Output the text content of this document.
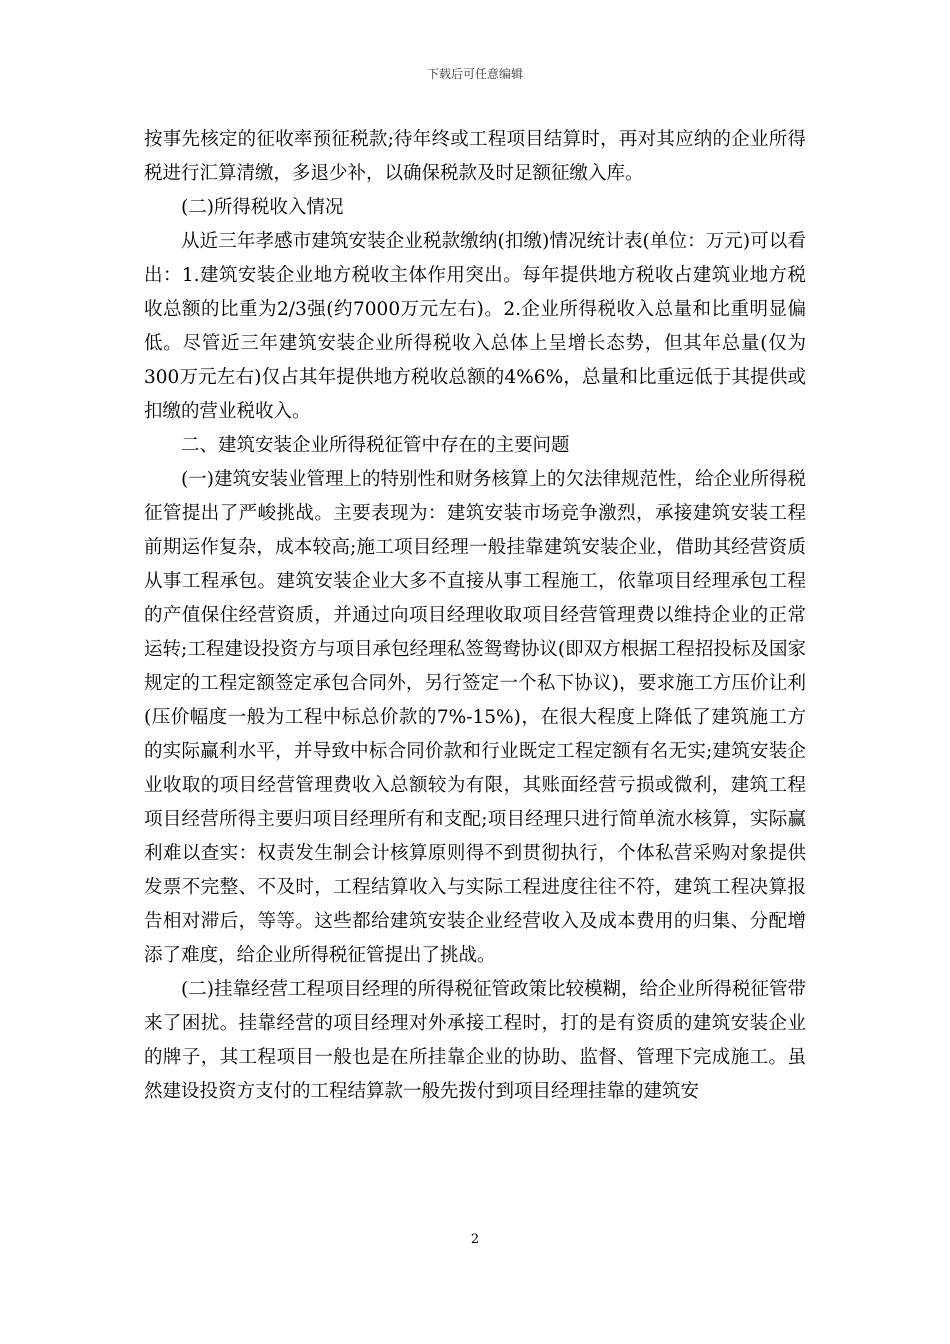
下载后可任意编辑

按事先核定的征收率预征税款;待年终或工程项目结算时，再对其应纳的企业所得税进行汇算清缴，多退少补，以确保税款及时足额征缴入库。

(二)所得税收入情况

从近三年孝感市建筑安装企业税款缴纳(扣缴)情况统计表(单位：万元)可以看出：1.建筑安装企业地方税收主体作用突出。每年提供地方税收占建筑业地方税收总额的比重为2/3强(约7000万元左右)。2.企业所得税收入总量和比重明显偏低。尽管近三年建筑安装企业所得税收入总体上呈增长态势，但其年总量(仅为300万元左右)仅占其年提供地方税收总额的4%6%，总量和比重远低于其提供或扣缴的营业税收入。

二、建筑安装企业所得税征管中存在的主要问题

(一)建筑安装业管理上的特别性和财务核算上的欠法律规范性，给企业所得税征管提出了严峻挑战。主要表现为：建筑安装市场竞争激烈，承接建筑安装工程前期运作复杂，成本较高;施工项目经理一般挂靠建筑安装企业，借助其经营资质从事工程承包。建筑安装企业大多不直接从事工程施工，依靠项目经理承包工程的产值保住经营资质，并通过向项目经理收取项目经营管理费以维持企业的正常运转;工程建设投资方与项目承包经理私签鸳鸯协议(即双方根据工程招投标及国家规定的工程定额签定承包合同外，另行签定一个私下协议)，要求施工方压价让利(压价幅度一般为工程中标总价款的7%-15%)，在很大程度上降低了建筑施工方的实际赢利水平，并导致中标合同价款和行业既定工程定额有名无实;建筑安装企业收取的项目经营管理费收入总额较为有限，其账面经营亏损或微利，建筑工程项目经营所得主要归项目经理所有和支配;项目经理只进行简单流水核算，实际赢利难以查实：权责发生制会计核算原则得不到贯彻执行，个体私营采购对象提供发票不完整、不及时，工程结算收入与实际工程进度往往不符，建筑工程决算报告相对滞后，等等。这些都给建筑安装企业经营收入及成本费用的归集、分配增添了难度，给企业所得税征管提出了挑战。

(二)挂靠经营工程项目经理的所得税征管政策比较模糊，给企业所得税征管带来了困扰。挂靠经营的项目经理对外承接工程时，打的是有资质的建筑安装企业的牌子，其工程项目一般也是在所挂靠企业的协助、监督、管理下完成施工。虽然建设投资方支付的工程结算款一般先拨付到项目经理挂靠的建筑安

2
